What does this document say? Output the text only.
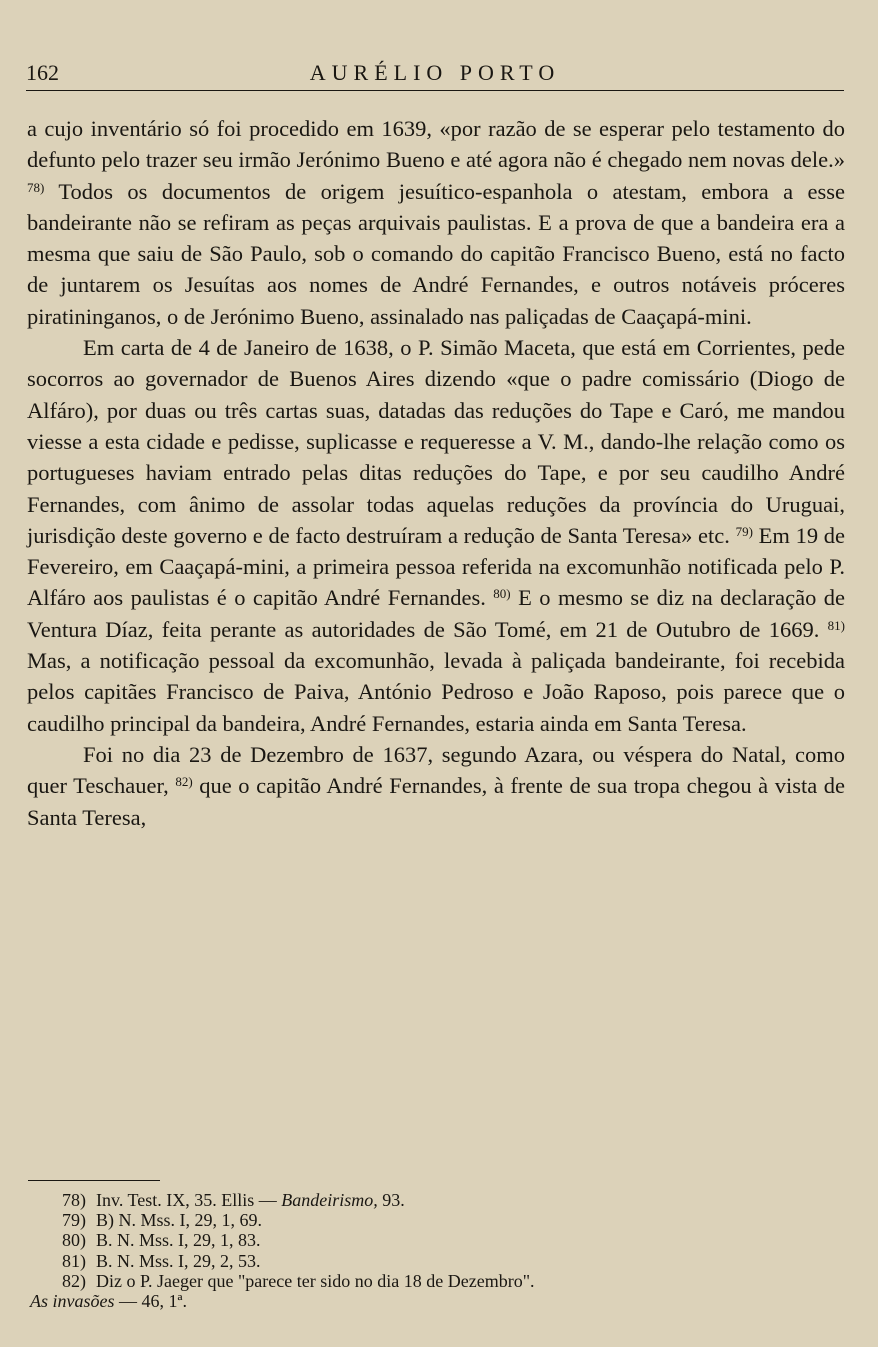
162	AURÉLIO PORTO

a cujo inventário só foi procedido em 1639, «por razão de se esperar pelo testamento do defunto pelo trazer seu irmão Jerónimo Bueno e até agora não é chegado nem novas dele.» $^{78)}$ Todos os documentos de origem jesuítico-espanhola o atestam, embora a esse bandeirante não se refiram as peças arquivais paulistas. E a prova de que a bandeira era a mesma que saiu de São Paulo, sob o comando do capitão Francisco Bueno, está no facto de juntarem os Jesuítas aos nomes de André Fernandes, e outros notáveis próceres piratininganos, o de Jerónimo Bueno, assinalado nas paliçadas de Caaçapá-mini.

Em carta de 4 de Janeiro de 1638, o P. Simão Maceta, que está em Corrientes, pede socorros ao governador de Buenos Aires dizendo «que o padre comissário (Diogo de Alfáro), por duas ou três cartas suas, datadas das reduções do Tape e Caró, me mandou viesse a esta cidade e pedisse, suplicasse e requeresse a V. M., dando-lhe relação como os portugueses haviam entrado pelas ditas reduções do Tape, e por seu caudilho André Fernandes, com ânimo de assolar todas aquelas reduções da província do Uruguai, jurisdição deste governo e de facto destruíram a redução de Santa Teresa» etc. $^{79)}$ Em 19 de Fevereiro, em Caaçapá-mini, a primeira pessoa referida na excomunhão notificada pelo P. Alfáro aos paulistas é o capitão André Fernandes. $^{80)}$ E o mesmo se diz na declaração de Ventura Díaz, feita perante as autoridades de São Tomé, em 21 de Outubro de 1669. $^{81)}$ Mas, a notificação pessoal da excomunhão, levada à paliçada bandeirante, foi recebida pelos capitães Francisco de Paiva, António Pedroso e João Raposo, pois parece que o caudilho principal da bandeira, André Fernandes, estaria ainda em Santa Teresa.

Foi no dia 23 de Dezembro de 1637, segundo Azara, ou véspera do Natal, como quer Teschauer, $^{82)}$ que o capitão André Fernandes, à frente de sua tropa chegou à vista de Santa Teresa,

78) Inv. Test. IX, 35. Ellis —
Bandeirismo,
93.
79) B) N. Mss. I, 29, 1, 69.
80) B. N. Mss. I, 29, 1, 83.
81) B. N. Mss. I, 29, 2, 53.
82) Diz o P. Jaeger que "parece ter sido no dia 18 de Dezembro".
As invasões — 46, 1ª.
